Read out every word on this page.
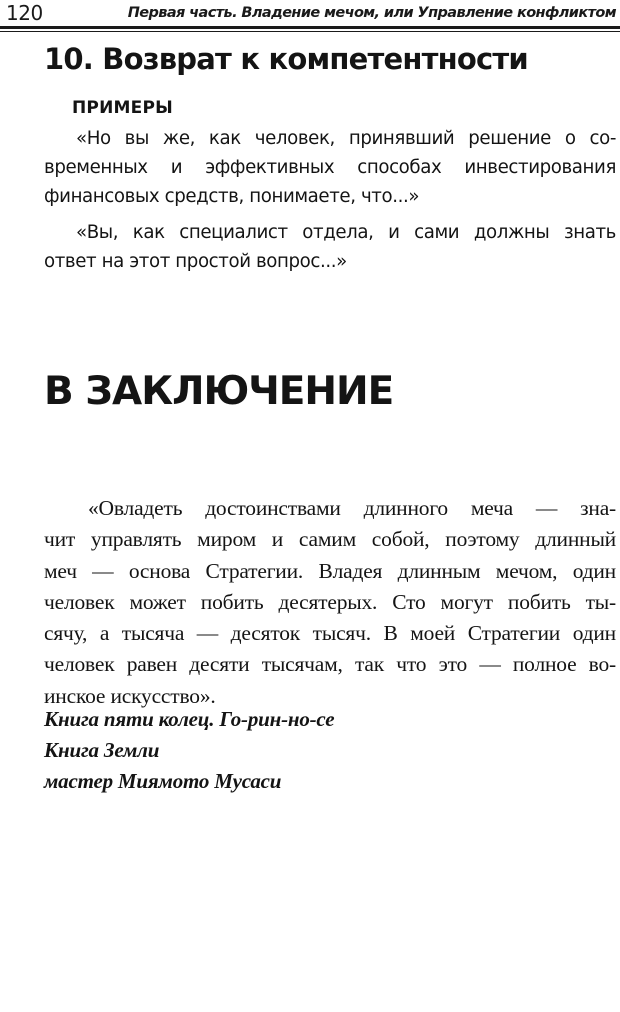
120	Первая часть. Владение мечом, или Управление конфликтом
10. Возврат к компетентности
ПРИМЕРЫ

«Но вы же, как человек, принявший решение о со-
временных и эффективных способах инвестирования
финансовых средств, понимаете, что...»

«Вы, как специалист отдела, и сами должны знать
ответ на этот простой вопрос...»

В ЗАКЛЮЧЕНИЕ

«Овладеть достоинствами длинного меча — зна-
чит управлять миром и самим собой, поэтому длинный
меч — основа Стратегии. Владея длинным мечом, один
человек может побить десятерых. Сто могут побить ты-
сячу, а тысяча — десяток тысяч. В моей Стратегии один
человек равен десяти тысячам, так что это — полное во-
инское искусство».

Книга пяти колец. Го-рин-но-се
Книга Земли
мастер Миямото Мусаси
